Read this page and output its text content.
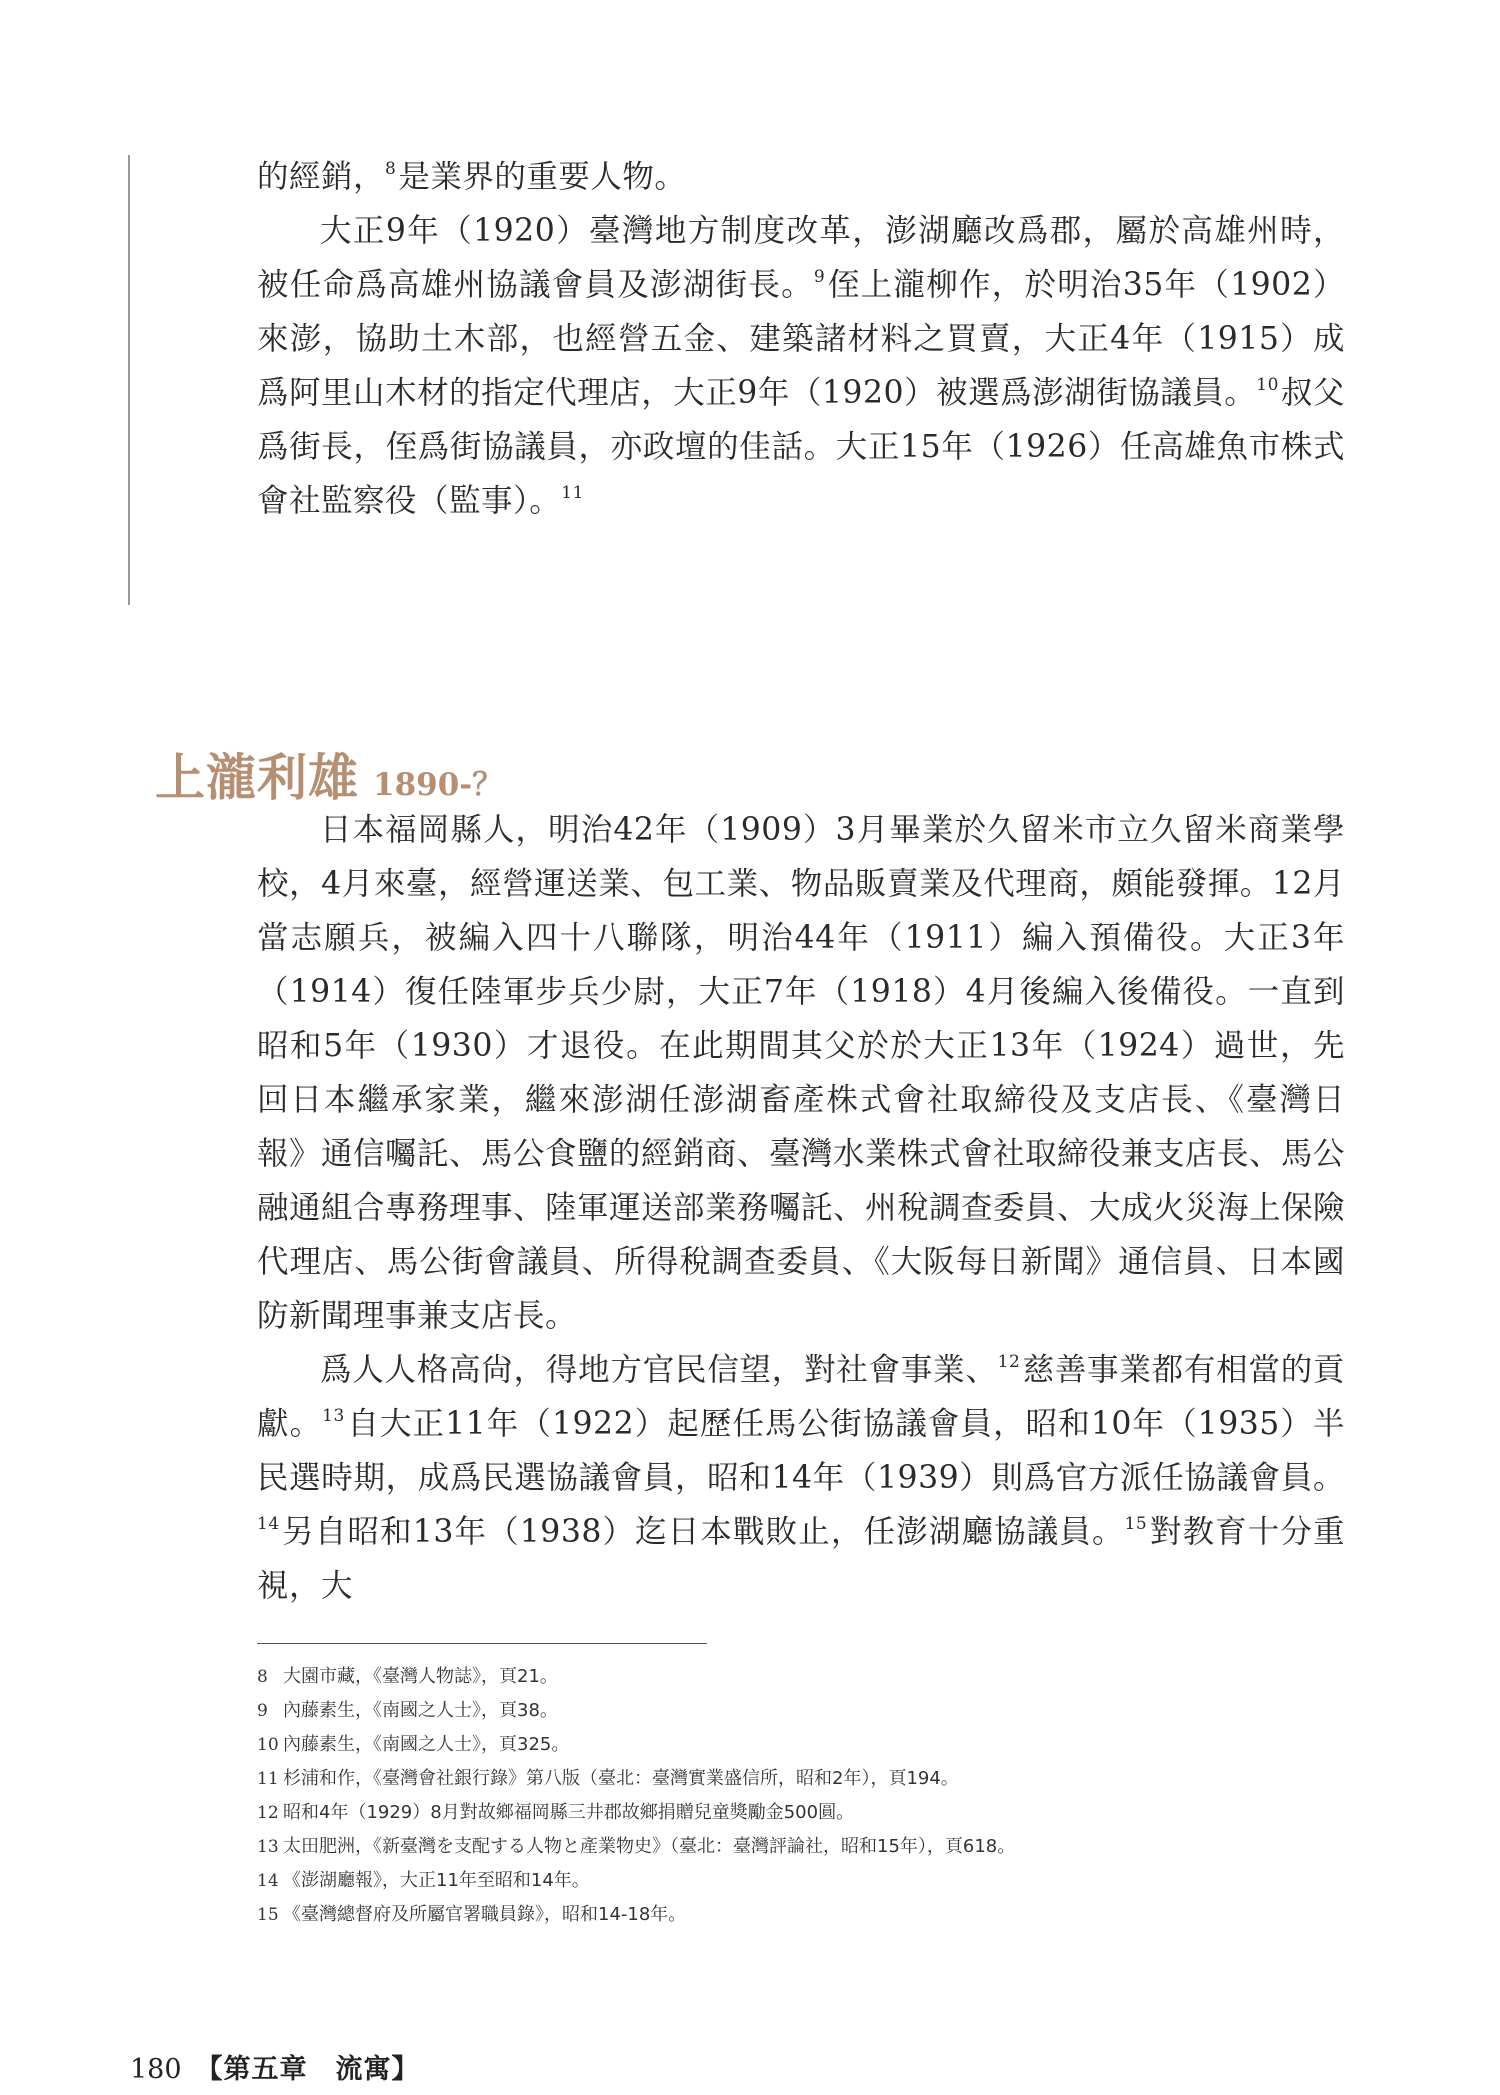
的經銷，$^8$是業界的重要人物。

大正9年（1920）臺灣地方制度改革，澎湖廳改爲郡，屬於高雄州時，被任命爲高雄州協議會員及澎湖街長。$^9$侄上瀧柳作，於明治35年（1902）來澎，協助土木部，也經營五金、建築諸材料之買賣，大正4年（1915）成爲阿里山木材的指定代理店，大正9年（1920）被選爲澎湖街協議員。$^{10}$叔父爲街長，侄爲街協議員，亦政壇的佳話。大正15年（1926）任高雄魚市株式會社監察役（監事）。$^{11}$

上瀧利雄 1890-？

日本福岡縣人，明治42年（1909）3月畢業於久留米市立久留米商業學校，4月來臺，經營運送業、包工業、物品販賣業及代理商，頗能發揮。12月當志願兵，被編入四十八聯隊，明治44年（1911）編入預備役。大正3年（1914）復任陸軍步兵少尉，大正7年（1918）4月後編入後備役。一直到昭和5年（1930）才退役。在此期間其父於於大正13年（1924）過世，先回日本繼承家業，繼來澎湖任澎湖畜產株式會社取締役及支店長、《臺灣日報》通信囑託、馬公食鹽的經銷商、臺灣水業株式會社取締役兼支店長、馬公融通組合專務理事、陸軍運送部業務囑託、州稅調查委員、大成火災海上保險代理店、馬公街會議員、所得稅調查委員、《大阪每日新聞》通信員、日本國防新聞理事兼支店長。

爲人人格高尙，得地方官民信望，對社會事業、$^{12}$慈善事業都有相當的貢獻。$^{13}$自大正11年（1922）起歷任馬公街協議會員，昭和10年（1935）半民選時期，成爲民選協議會員，昭和14年（1939）則爲官方派任協議會員。$^{14}$另自昭和13年（1938）迄日本戰敗止，任澎湖廳協議員。$^{15}$對教育十分重視，大

8 大園市藏，《臺灣人物誌》，頁21。
9 內藤素生，《南國之人士》，頁38。
10 內藤素生，《南國之人士》，頁325。
11 杉浦和作，《臺灣會社銀行錄》第八版（臺北：臺灣實業盛信所，昭和2年），頁194。
12 昭和4年（1929）8月對故鄉福岡縣三井郡故鄉捐贈兒童獎勵金500圓。
13 太田肥洲，《新臺灣を支配する人物と產業物史》（臺北：臺灣評論社，昭和15年），頁618。
14 《澎湖廳報》，大正11年至昭和14年。
15 《臺灣總督府及所屬官署職員錄》，昭和14-18年。
180 【第五章　流寓】
